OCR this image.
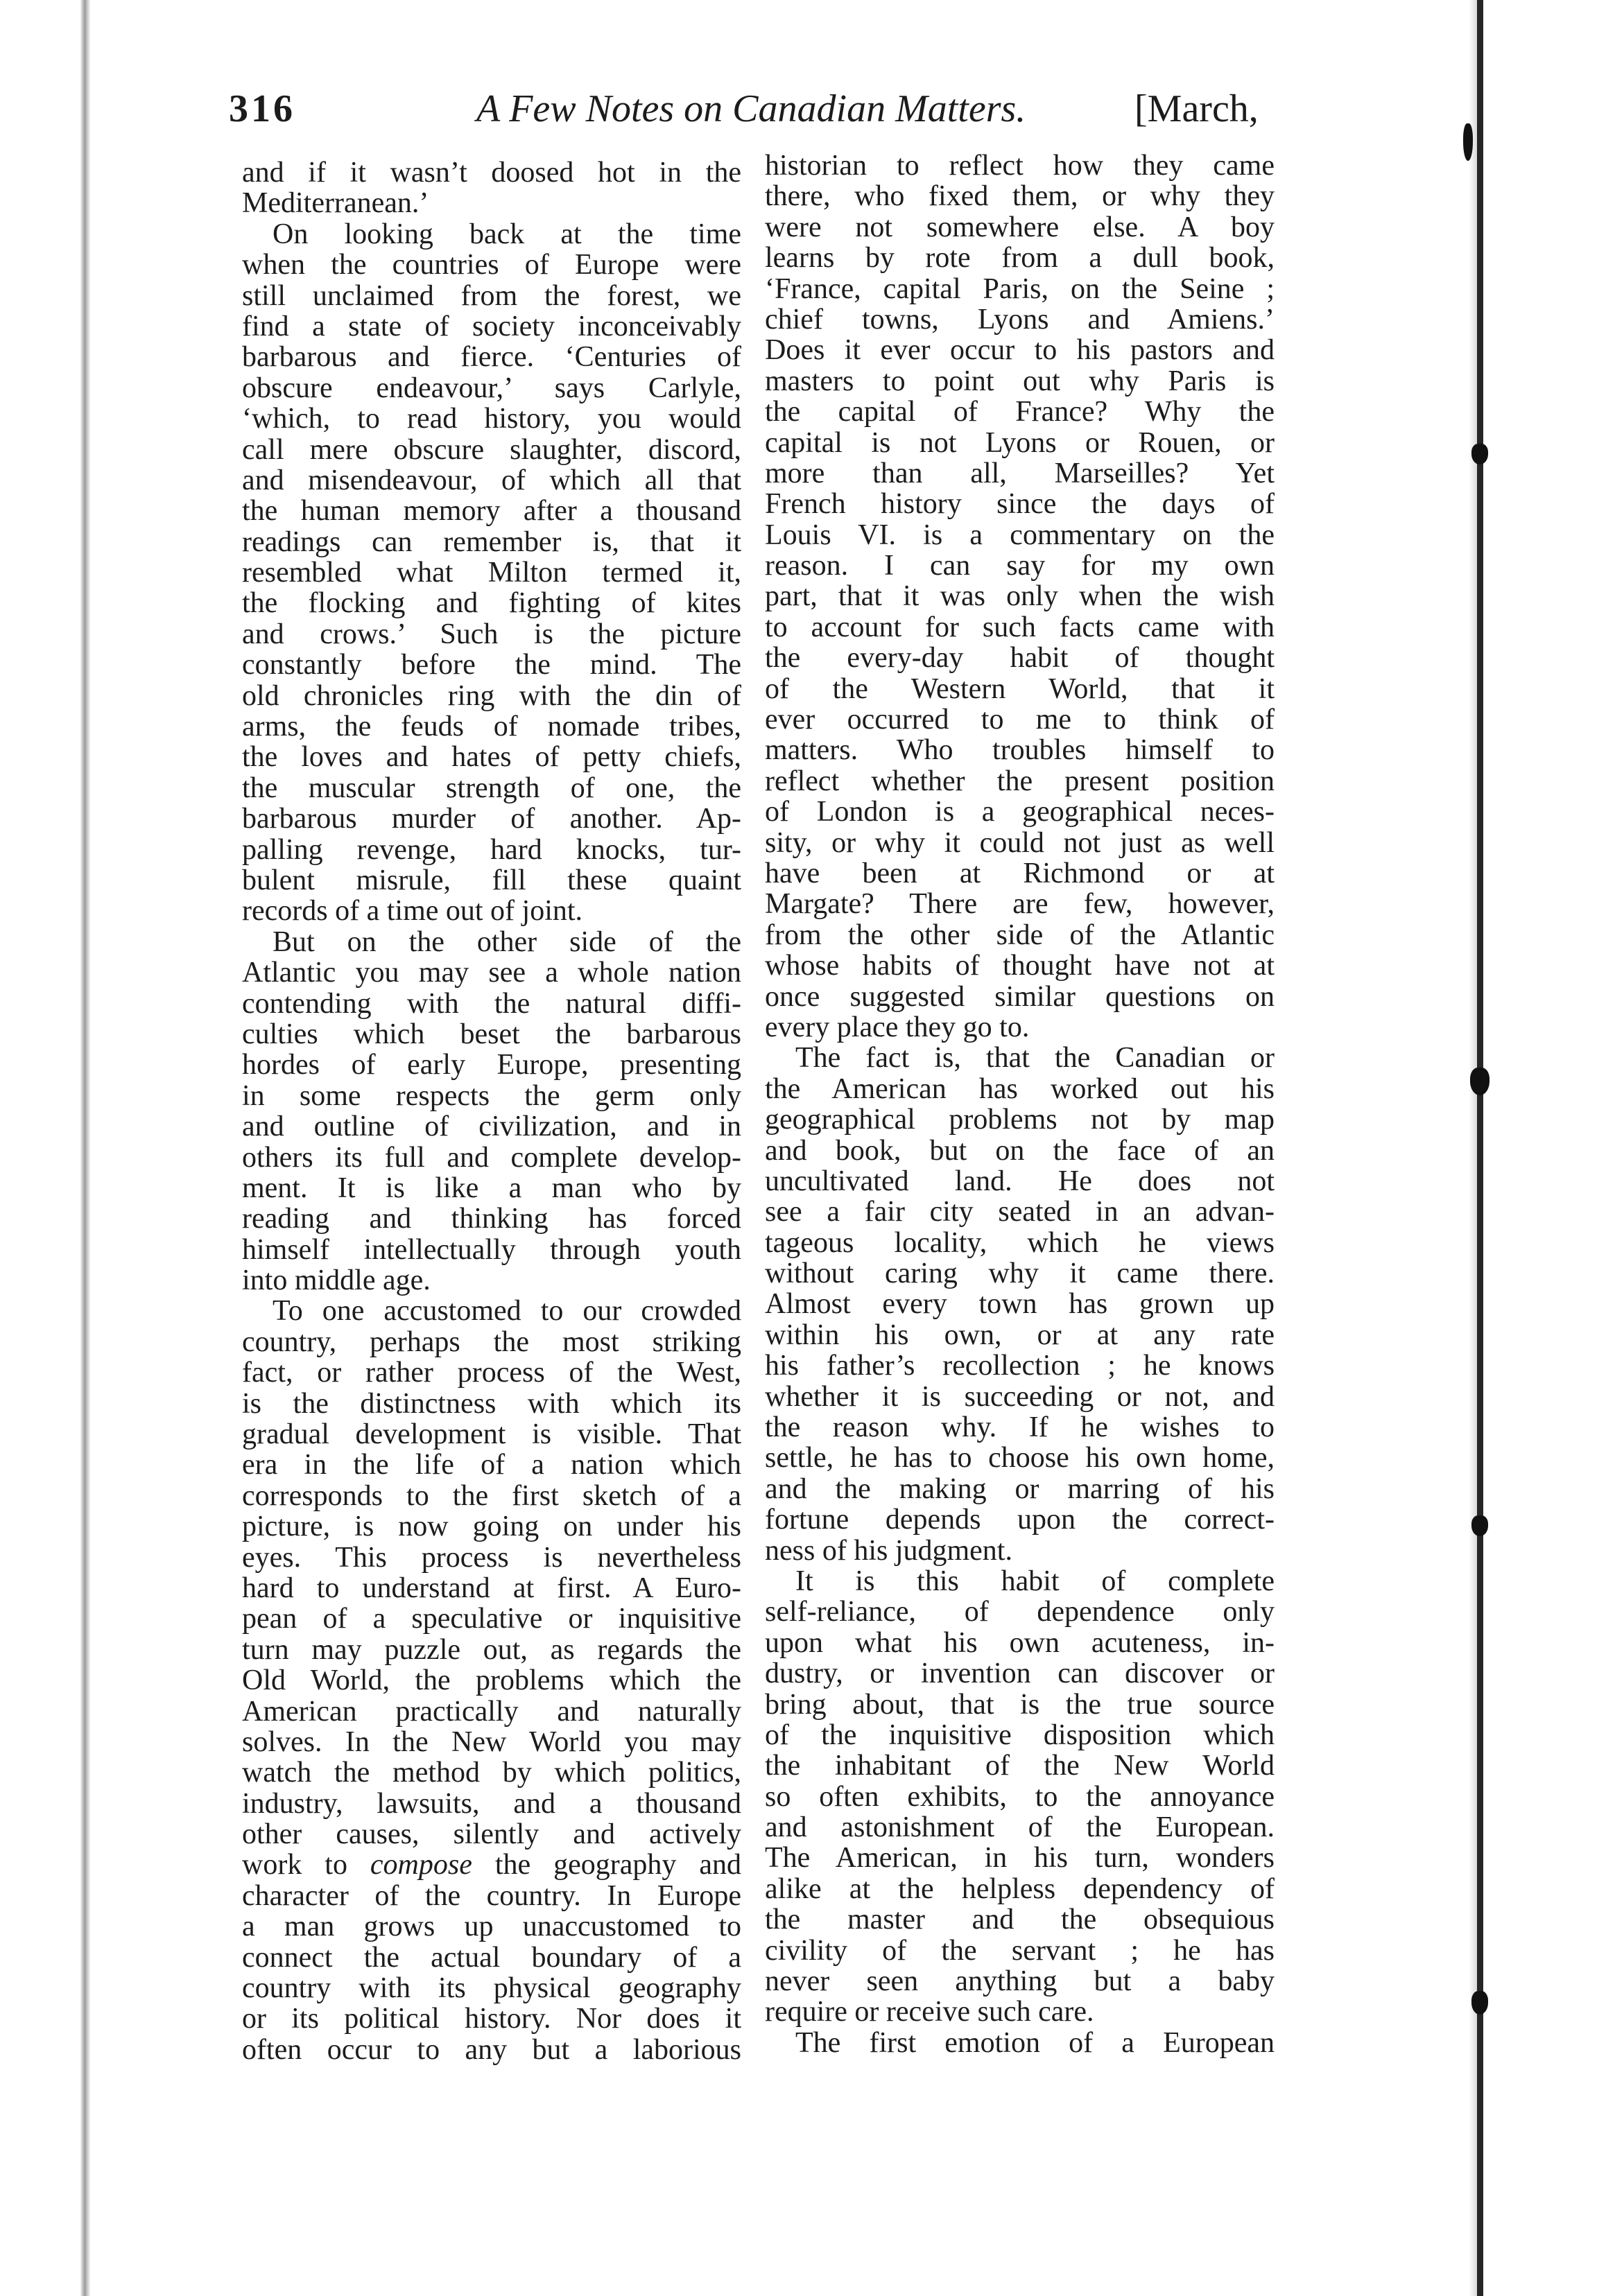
316	A Few Notes on Canadian Matters.	[March,
and if it wasn’t doosed hot in the
Mediterranean.’
On looking back at the time
when the countries of Europe were
still unclaimed from the forest, we
find a state of society inconceivably
barbarous and fierce. ‘Centuries of
obscure endeavour,’ says Carlyle,
‘which, to read history, you would
call mere obscure slaughter, discord,
and misendeavour, of which all that
the human memory after a thousand
readings can remember is, that it
resembled what Milton termed it,
the flocking and fighting of kites
and crows.’ Such is the picture
constantly before the mind. The
old chronicles ring with the din of
arms, the feuds of nomade tribes,
the loves and hates of petty chiefs,
the muscular strength of one, the
barbarous murder of another. Ap-
palling revenge, hard knocks, tur-
bulent misrule, fill these quaint
records of a time out of joint.
But on the other side of the
Atlantic you may see a whole nation
contending with the natural diffi-
culties which beset the barbarous
hordes of early Europe, presenting
in some respects the germ only
and outline of civilization, and in
others its full and complete develop-
ment. It is like a man who by
reading and thinking has forced
himself intellectually through youth
into middle age.
To one accustomed to our crowded
country, perhaps the most striking
fact, or rather process of the West,
is the distinctness with which its
gradual development is visible. That
era in the life of a nation which
corresponds to the first sketch of a
picture, is now going on under his
eyes. This process is nevertheless
hard to understand at first. A Euro-
pean of a speculative or inquisitive
turn may puzzle out, as regards the
Old World, the problems which the
American practically and naturally
solves. In the New World you may
watch the method by which politics,
industry, lawsuits, and a thousand
other causes, silently and actively
work to compose the geography and
character of the country. In Europe
a man grows up unaccustomed to
connect the actual boundary of a
country with its physical geography
or its political history. Nor does it
often occur to any but a laborious
historian to reflect how they came
there, who fixed them, or why they
were not somewhere else. A boy
learns by rote from a dull book,
‘France, capital Paris, on the Seine ;
chief towns, Lyons and Amiens.’
Does it ever occur to his pastors and
masters to point out why Paris is
the capital of France? Why the
capital is not Lyons or Rouen, or
more than all, Marseilles? Yet
French history since the days of
Louis VI. is a commentary on the
reason. I can say for my own
part, that it was only when the wish
to account for such facts came with
the every-day habit of thought
of the Western World, that it
ever occurred to me to think of
matters. Who troubles himself to
reflect whether the present position
of London is a geographical neces-
sity, or why it could not just as well
have been at Richmond or at
Margate? There are few, however,
from the other side of the Atlantic
whose habits of thought have not at
once suggested similar questions on
every place they go to.
The fact is, that the Canadian or
the American has worked out his
geographical problems not by map
and book, but on the face of an
uncultivated land. He does not
see a fair city seated in an advan-
tageous locality, which he views
without caring why it came there.
Almost every town has grown up
within his own, or at any rate
his father’s recollection ; he knows
whether it is succeeding or not, and
the reason why. If he wishes to
settle, he has to choose his own home,
and the making or marring of his
fortune depends upon the correct-
ness of his judgment.
It is this habit of complete
self-reliance, of dependence only
upon what his own acuteness, in-
dustry, or invention can discover or
bring about, that is the true source
of the inquisitive disposition which
the inhabitant of the New World
so often exhibits, to the annoyance
and astonishment of the European.
The American, in his turn, wonders
alike at the helpless dependency of
the master and the obsequious
civility of the servant ; he has
never seen anything but a baby
require or receive such care.
The first emotion of a European
